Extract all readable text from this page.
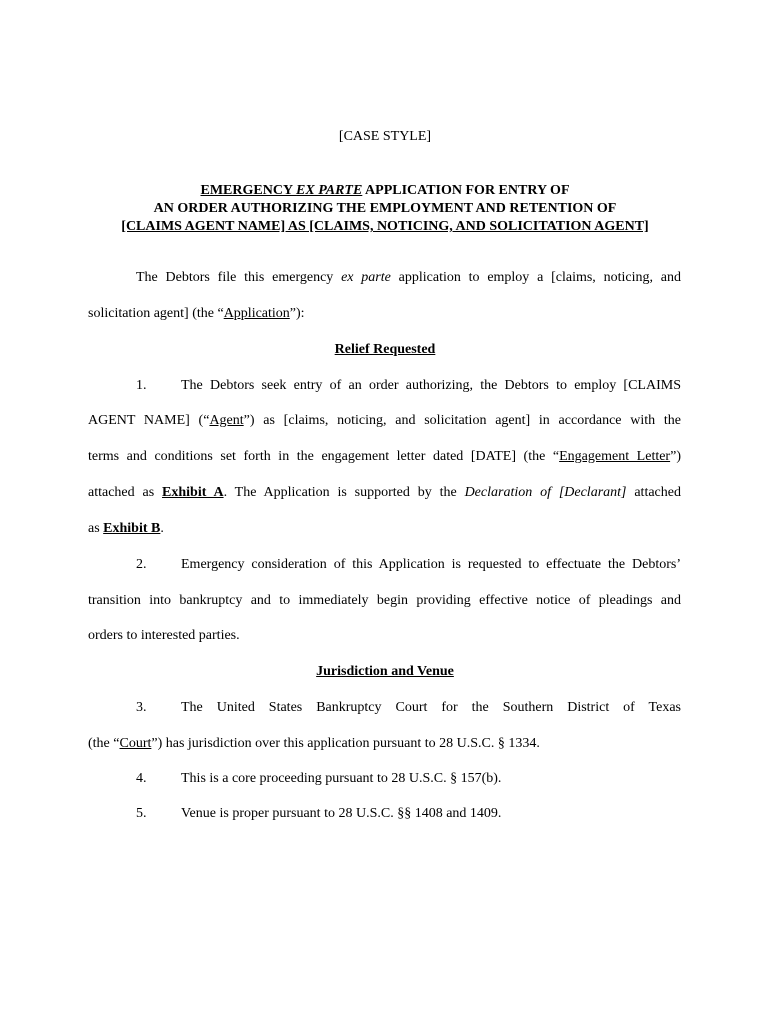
[CASE STYLE]
EMERGENCY EX PARTE APPLICATION FOR ENTRY OF
AN ORDER AUTHORIZING THE EMPLOYMENT AND RETENTION OF
[CLAIMS AGENT NAME] AS [CLAIMS, NOTICING, AND SOLICITATION AGENT]
The Debtors file this emergency ex parte application to employ a [claims, noticing, and
solicitation agent] (the “Application”):
Relief Requested
1. The Debtors seek entry of an order authorizing, the Debtors to employ [CLAIMS
AGENT NAME] (“Agent”) as [claims, noticing, and solicitation agent] in accordance with the
terms and conditions set forth in the engagement letter dated [DATE] (the “Engagement Letter”)
attached as Exhibit A. The Application is supported by the Declaration of [Declarant] attached
as Exhibit B.
2. Emergency consideration of this Application is requested to effectuate the Debtors’
transition into bankruptcy and to immediately begin providing effective notice of pleadings and
orders to interested parties.
Jurisdiction and Venue
3. The United States Bankruptcy Court for the Southern District of Texas
(the “Court”) has jurisdiction over this application pursuant to 28 U.S.C. § 1334.
4. This is a core proceeding pursuant to 28 U.S.C. § 157(b).
5. Venue is proper pursuant to 28 U.S.C. §§ 1408 and 1409.
